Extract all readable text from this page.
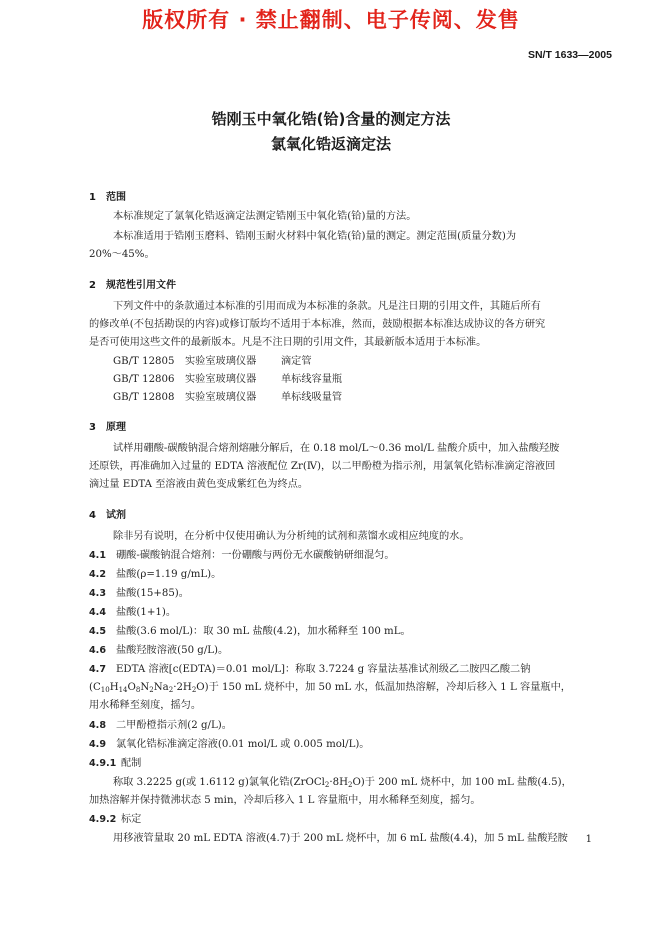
版权所有 · 禁止翻制、电子传阅、发售
SN/T 1633—2005
锆刚玉中氧化锆(铪)含量的测定方法
氯氧化锆返滴定法
1 范围
本标准规定了氯氧化锆返滴定法测定锆刚玉中氧化锆(铪)量的方法。
本标准适用于锆刚玉磨料、锆刚玉耐火材料中氧化锆(铪)量的测定。测定范围(质量分数)为
20%～45%。
2 规范性引用文件
下列文件中的条款通过本标准的引用而成为本标准的条款。凡是注日期的引用文件，其随后所有
的修改单(不包括勘误的内容)或修订版均不适用于本标准，然而，鼓励根据本标准达成协议的各方研究
是否可使用这些文件的最新版本。凡是不注日期的引用文件，其最新版本适用于本标准。
GB/T 12805 实验室玻璃仪器 滴定管
GB/T 12806 实验室玻璃仪器 单标线容量瓶
GB/T 12808 实验室玻璃仪器 单标线吸量管
3 原理
试样用硼酸-碳酸钠混合熔剂熔融分解后，在 0.18 mol/L～0.36 mol/L 盐酸介质中，加入盐酸羟胺
还原铁，再准确加入过量的 EDTA 溶液配位 Zr(Ⅳ)，以二甲酚橙为指示剂，用氯氧化锆标准滴定溶液回
滴过量 EDTA 至溶液由黄色变成紫红色为终点。
4 试剂
除非另有说明，在分析中仅使用确认为分析纯的试剂和蒸馏水或相应纯度的水。
4.1 硼酸-碳酸钠混合熔剂：一份硼酸与两份无水碳酸钠研细混匀。
4.2 盐酸(ρ=1.19 g/mL)。
4.3 盐酸(15+85)。
4.4 盐酸(1+1)。
4.5 盐酸(3.6 mol/L)：取 30 mL 盐酸(4.2)，加水稀释至 100 mL。
4.6 盐酸羟胺溶液(50 g/L)。
4.7 EDTA 溶液[c(EDTA)＝0.01 mol/L]：称取 3.7224 g 容量法基准试剂级乙二胺四乙酸二钠
$(C_{10}H_{14}O_8N_2Na_2\cdot 2H_2O)$于 150 mL 烧杯中，加 50 mL 水，低温加热溶解，冷却后移入 1 L 容量瓶中，
用水稀释至刻度，摇匀。
4.8 二甲酚橙指示剂(2 g/L)。
4.9 氯氧化锆标准滴定溶液(0.01 mol/L 或 0.005 mol/L)。
4.9.1 配制
称取 3.2225 g(或 1.6112 g)氯氧化锆$(ZrOCl_2\cdot 8H_2O)$于 200 mL 烧杯中，加 100 mL 盐酸(4.5)，
加热溶解并保持微沸状态 5 min，冷却后移入 1 L 容量瓶中，用水稀释至刻度，摇匀。
4.9.2 标定
用移液管量取 20 mL EDTA 溶液(4.7)于 200 mL 烧杯中，加 6 mL 盐酸(4.4)，加 5 mL 盐酸羟胺 1
